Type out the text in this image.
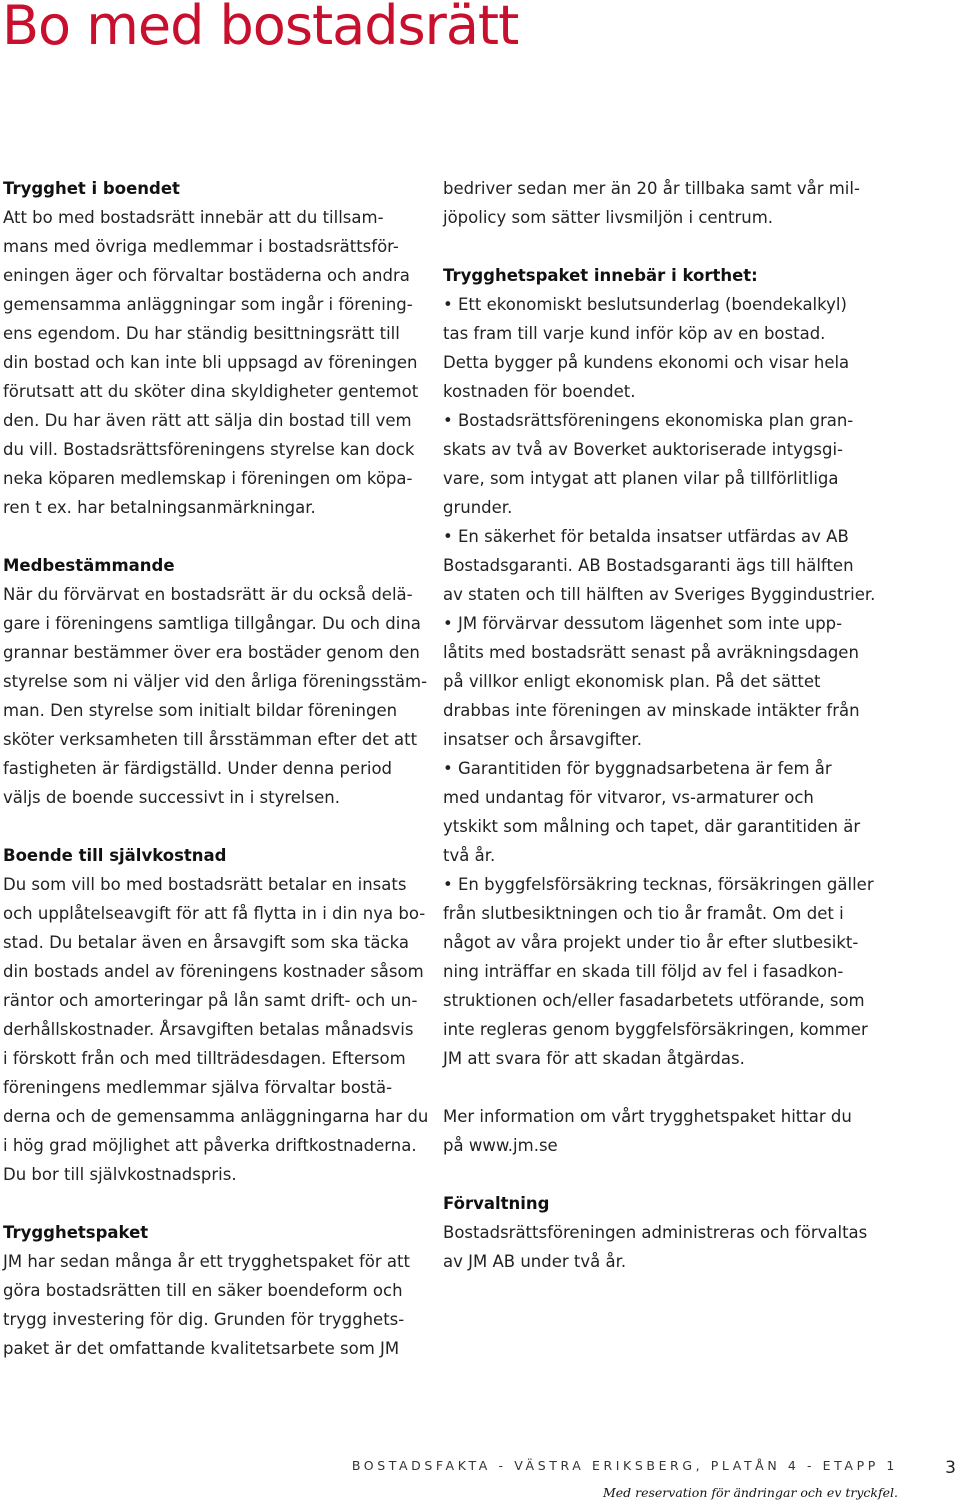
Bo med bostadsrätt

Trygghet i boendet

Att bo med bostadsrätt innebär att du tillsam-

mans med övriga medlemmar i bostadsrättsför-

eningen äger och förvaltar bostäderna och andra

gemensamma anläggningar som ingår i förening-

ens egendom. Du har ständig besittningsrätt till

din bostad och kan inte bli uppsagd av föreningen

förutsatt att du sköter dina skyldigheter gentemot

den. Du har även rätt att sälja din bostad till vem

du vill. Bostadsrättsföreningens styrelse kan dock

neka köparen medlemskap i föreningen om köpa-

ren t ex. har betalningsanmärkningar.

Medbestämmande

När du förvärvat en bostadsrätt är du också delä-

gare i föreningens samtliga tillgångar. Du och dina

grannar bestämmer över era bostäder genom den

styrelse som ni väljer vid den årliga föreningsstäm-

man. Den styrelse som initialt bildar föreningen

sköter verksamheten till årsstämman efter det att

fastigheten är färdigställd. Under denna period

väljs de boende successivt in i styrelsen.

Boende till självkostnad

Du som vill bo med bostadsrätt betalar en insats

och upplåtelseavgift för att få flytta in i din nya bo-

stad. Du betalar även en årsavgift som ska täcka

din bostads andel av föreningens kostnader såsom

räntor och amorteringar på lån samt drift- och un-

derhållskostnader. Årsavgiften betalas månadsvis

i förskott från och med tillträdesdagen. Eftersom

föreningens medlemmar själva förvaltar bostä-

derna och de gemensamma anläggningarna har du

i hög grad möjlighet att påverka driftkostnaderna.

Du bor till självkostnadspris.

Trygghetspaket

JM har sedan många år ett trygghetspaket för att

göra bostadsrätten till en säker boendeform och

trygg investering för dig. Grunden för trygghets-

paket är det omfattande kvalitetsarbete som JM

bedriver sedan mer än 20 år tillbaka samt vår mil-

jöpolicy som sätter livsmiljön i centrum.

Trygghetspaket innebär i korthet:

• Ett ekonomiskt beslutsunderlag (boendekalkyl)

tas fram till varje kund inför köp av en bostad.

Detta bygger på kundens ekonomi och visar hela

kostnaden för boendet.

• Bostadsrättsföreningens ekonomiska plan gran-

skats av två av Boverket auktoriserade intygsgi-

vare, som intygat att planen vilar på tillförlitliga

grunder.

• En säkerhet för betalda insatser utfärdas av AB

Bostadsgaranti. AB Bostadsgaranti ägs till hälften

av staten och till hälften av Sveriges Byggindustrier.

• JM förvärvar dessutom lägenhet som inte upp-

låtits med bostadsrätt senast på avräkningsdagen

på villkor enligt ekonomisk plan. På det sättet

drabbas inte föreningen av minskade intäkter från

insatser och årsavgifter.

• Garantitiden för byggnadsarbetena är fem år

med undantag för vitvaror, vs-armaturer och

ytskikt som målning och tapet, där garantitiden är

två år.

• En byggfelsförsäkring tecknas, försäkringen gäller

från slutbesiktningen och tio år framåt. Om det i

något av våra projekt under tio år efter slutbesikt-

ning inträffar en skada till följd av fel i fasadkon-

struktionen och/eller fasadarbetets utförande, som

inte regleras genom byggfelsförsäkringen, kommer

JM att svara för att skadan åtgärdas.

Mer information om vårt trygghetspaket hittar du

på www.jm.se

Förvaltning

Bostadsrättsföreningen administreras och förvaltas

av JM AB under två år.

BOSTADSFAKTA - VÄSTRA ERIKSBERG, PLATÅN 4 - ETAPP 1	3
Med reservation för ändringar och ev tryckfel.
